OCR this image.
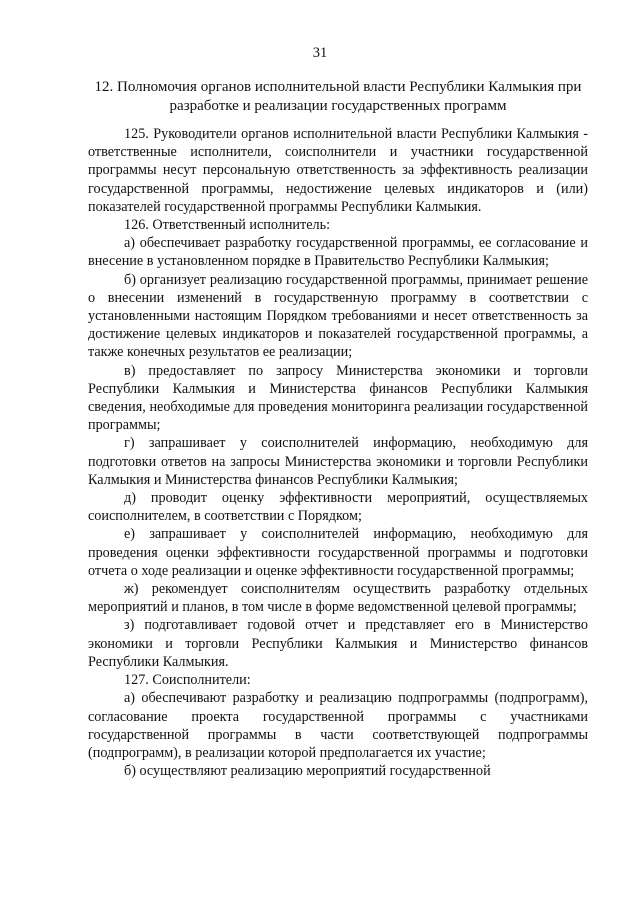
31
12. Полномочия органов исполнительной власти Республики Калмыкия при разработке и реализации государственных программ

125. Руководители органов исполнительной власти Республики Калмыкия - ответственные исполнители, соисполнители и участники государственной программы несут персональную ответственность за эффективность реализации государственной программы, недостижение целевых индикаторов и (или) показателей государственной программы Республики Калмыкия.

126. Ответственный исполнитель:

а) обеспечивает разработку государственной программы, ее согласование и внесение в установленном порядке в Правительство Республики Калмыкия;

б) организует реализацию государственной программы, принимает решение о внесении изменений в государственную программу в соответствии с установленными настоящим Порядком требованиями и несет ответственность за достижение целевых индикаторов и показателей государственной программы, а также конечных результатов ее реализации;

в) предоставляет по запросу Министерства экономики и торговли Республики Калмыкия и Министерства финансов Республики Калмыкия сведения, необходимые для проведения мониторинга реализации государственной программы;

г) запрашивает у соисполнителей информацию, необходимую для подготовки ответов на запросы Министерства экономики и торговли Республики Калмыкия и Министерства финансов Республики Калмыкия;

д) проводит оценку эффективности мероприятий, осуществляемых соисполнителем, в соответствии с Порядком;

е) запрашивает у соисполнителей информацию, необходимую для проведения оценки эффективности государственной программы и подготовки отчета о ходе реализации и оценке эффективности государственной программы;

ж) рекомендует соисполнителям осуществить разработку отдельных мероприятий и планов, в том числе в форме ведомственной целевой программы;

з) подготавливает годовой отчет и представляет его в Министерство экономики и торговли Республики Калмыкия и Министерство финансов Республики Калмыкия.

127. Соисполнители:

а) обеспечивают разработку и реализацию подпрограммы (подпрограмм), согласование проекта государственной программы с участниками государственной программы в части соответствующей подпрограммы (подпрограмм), в реализации которой предполагается их участие;

б) осуществляют реализацию мероприятий государственной
